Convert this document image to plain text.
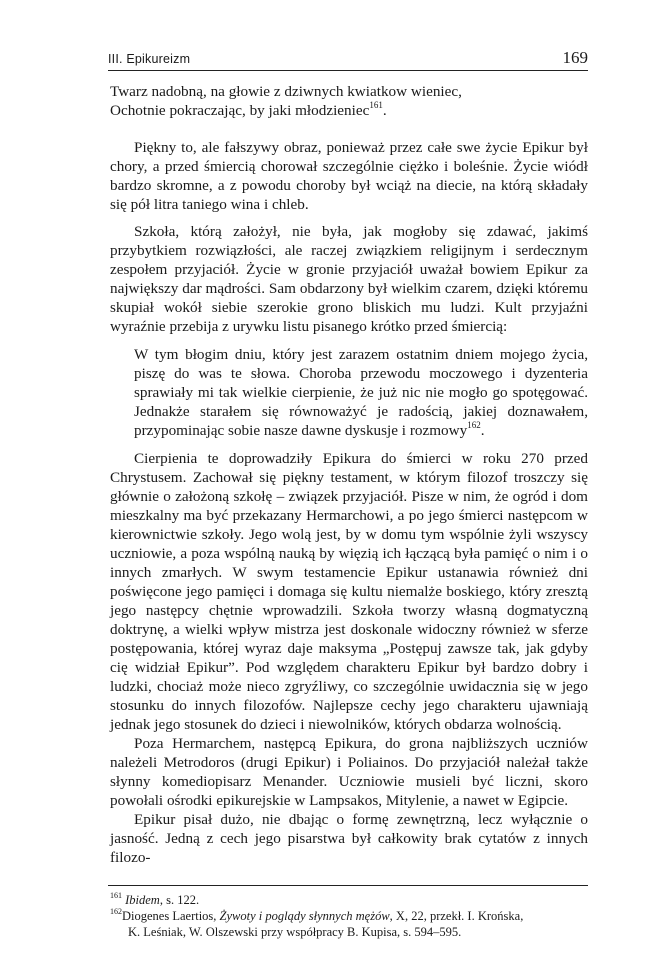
III. Epikureizm	169
Twarz nadobną, na głowie z dziwnych kwiatkow wieniec,
Ochotnie pokraczając, by jaki młodzieniec$^{161}$.

Piękny to, ale fałszywy obraz, ponieważ przez całe swe życie Epikur był chory, a przed śmiercią chorował szczególnie ciężko i boleśnie. Życie wiódł bardzo skromne, a z powodu choroby był wciąż na diecie, na którą składały się pół litra taniego wina i chleb.

Szkoła, którą założył, nie była, jak mogłoby się zdawać, jakimś przybytkiem rozwiązłości, ale raczej związkiem religijnym i serdecznym zespołem przyjaciół. Życie w gronie przyjaciół uważał bowiem Epikur za największy dar mądrości. Sam obdarzony był wielkim czarem, dzięki któremu skupiał wokół siebie szerokie grono bliskich mu ludzi. Kult przyjaźni wyraźnie przebija z urywku listu pisanego krótko przed śmiercią:

W tym błogim dniu, który jest zarazem ostatnim dniem mojego życia, piszę do was te słowa. Choroba przewodu moczowego i dyzenteria sprawiały mi tak wielkie cierpienie, że już nic nie mogło go spotęgować. Jednakże starałem się równoważyć je radością, jakiej doznawałem, przypominając sobie nasze dawne dyskusje i rozmowy$^{162}$.

Cierpienia te doprowadziły Epikura do śmierci w roku 270 przed Chrystusem. Zachował się piękny testament, w którym filozof troszczy się głównie o założoną szkołę – związek przyjaciół. Pisze w nim, że ogród i dom mieszkalny ma być przekazany Hermarchowi, a po jego śmierci następcom w kierownictwie szkoły. Jego wolą jest, by w domu tym wspólnie żyli wszyscy uczniowie, a poza wspólną nauką by więzią ich łączącą była pamięć o nim i o innych zmarłych. W swym testamencie Epikur ustanawia również dni poświęcone jego pamięci i domaga się kultu niemalże boskiego, który zresztą jego następcy chętnie wprowadzili. Szkoła tworzy własną dogmatyczną doktrynę, a wielki wpływ mistrza jest doskonale widoczny również w sferze postępowania, której wyraz daje maksyma „Postępuj zawsze tak, jak gdyby cię widział Epikur”. Pod względem charakteru Epikur był bardzo dobry i ludzki, chociaż może nieco zgryźliwy, co szczególnie uwidacznia się w jego stosunku do innych filozofów. Najlepsze cechy jego charakteru ujawniają jednak jego stosunek do dzieci i niewolników, których obdarza wolnością.

Poza Hermarchem, następcą Epikura, do grona najbliższych uczniów należeli Metrodoros (drugi Epikur) i Poliainos. Do przyjaciół należał także słynny komediopisarz Menander. Uczniowie musieli być liczni, skoro powołali ośrodki epikurejskie w Lampsakos, Mitylenie, a nawet w Egipcie.

Epikur pisał dużo, nie dbając o formę zewnętrzną, lecz wyłącznie o jasność. Jedną z cech jego pisarstwa był całkowity brak cytatów z innych filozo-

$^{161}$ Ibidem, s. 122.
$^{162}$Diogenes Laertios, Żywoty i poglądy słynnych mężów, X, 22, przekł. I. Krońska,
K. Leśniak, W. Olszewski przy współpracy B. Kupisa, s. 594–595.
